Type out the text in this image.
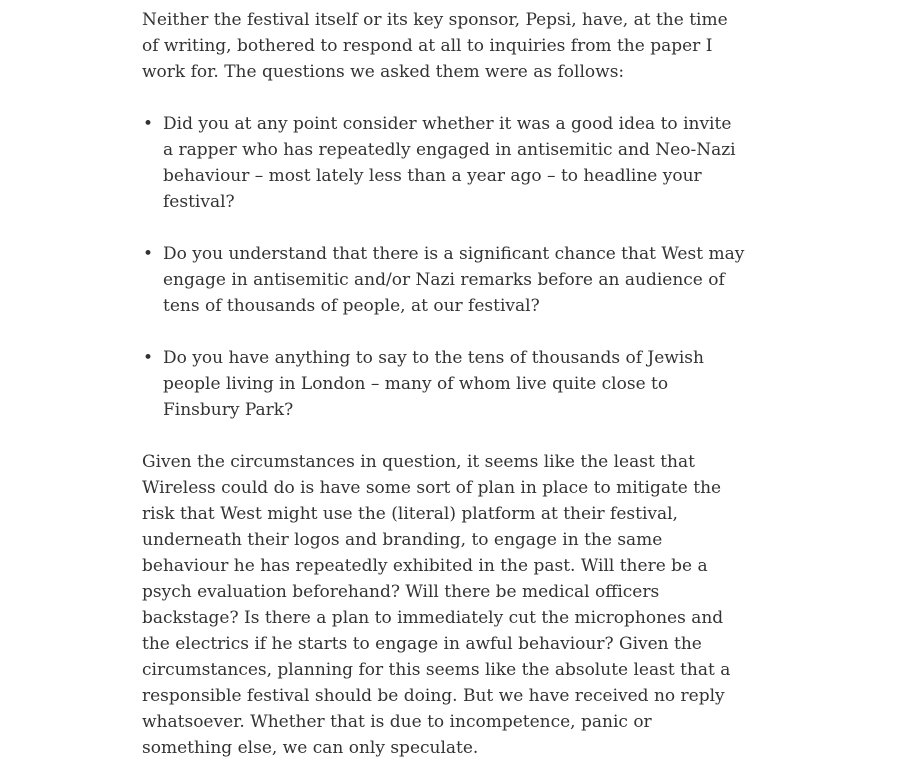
Neither the festival itself or its key sponsor, Pepsi, have, at the time of writing, bothered to respond at all to inquiries from the paper I work for. The questions we asked them were as follows:

• Did you at any point consider whether it was a good idea to invite a rapper who has repeatedly engaged in antisemitic and Neo-Nazi behaviour – most lately less than a year ago – to headline your festival?
• Do you understand that there is a significant chance that West may engage in antisemitic and/or Nazi remarks before an audience of tens of thousands of people, at our festival?
• Do you have anything to say to the tens of thousands of Jewish people living in London – many of whom live quite close to Finsbury Park?

Given the circumstances in question, it seems like the least that Wireless could do is have some sort of plan in place to mitigate the risk that West might use the (literal) platform at their festival, underneath their logos and branding, to engage in the same behaviour he has repeatedly exhibited in the past. Will there be a psych evaluation beforehand? Will there be medical officers backstage? Is there a plan to immediately cut the microphones and the electrics if he starts to engage in awful behaviour? Given the circumstances, planning for this seems like the absolute least that a responsible festival should be doing. But we have received no reply whatsoever. Whether that is due to incompetence, panic or something else, we can only speculate.
